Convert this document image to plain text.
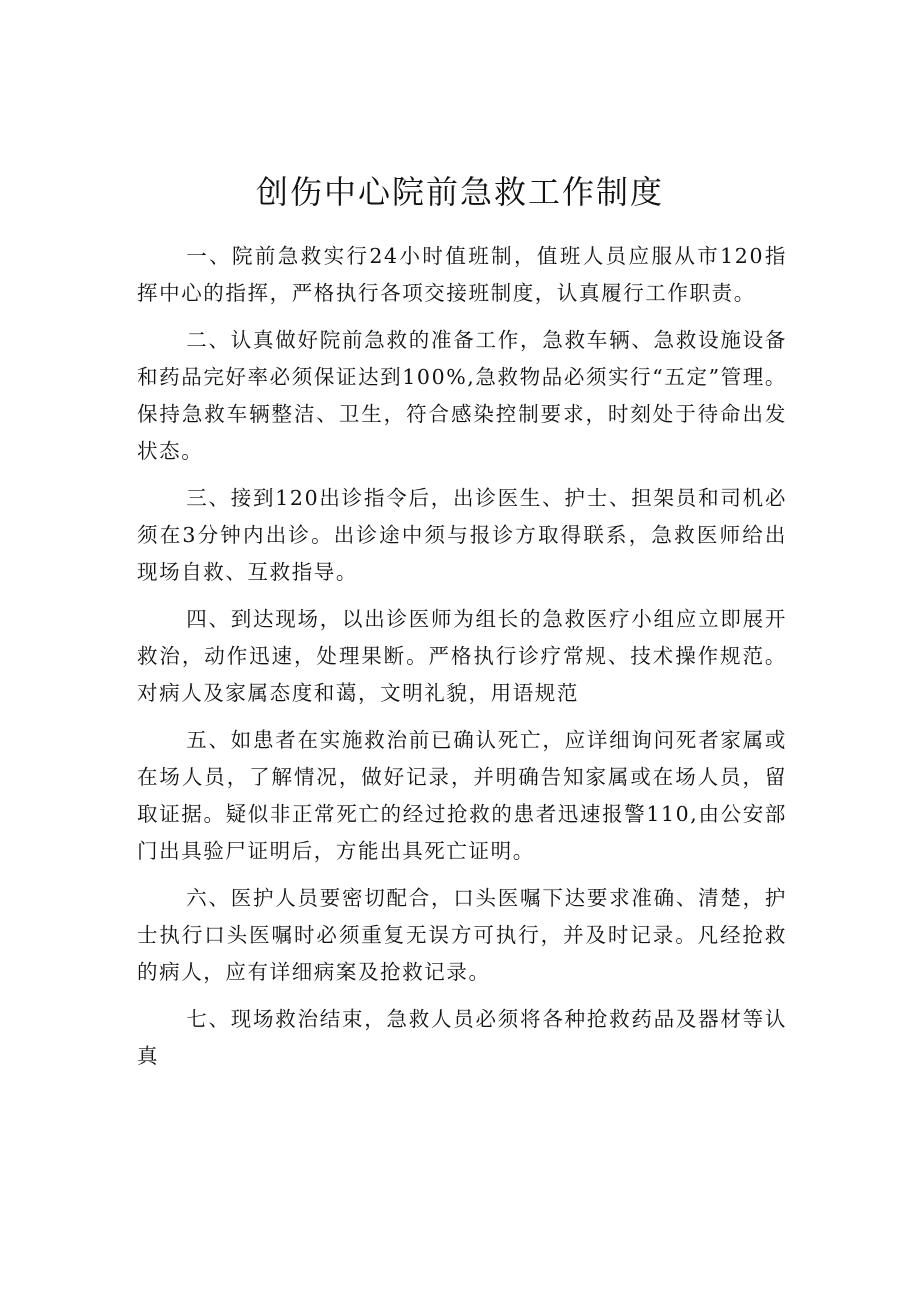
创伤中心院前急救工作制度

一、院前急救实行24小时值班制，值班人员应服从市120指挥中心的指挥，严格执行各项交接班制度，认真履行工作职责。

二、认真做好院前急救的准备工作，急救车辆、急救设施设备和药品完好率必须保证达到100%,急救物品必须实行“五定”管理。保持急救车辆整洁、卫生，符合感染控制要求，时刻处于待命出发状态。

三、接到120出诊指令后，出诊医生、护士、担架员和司机必须在3分钟内出诊。出诊途中须与报诊方取得联系，急救医师给出现场自救、互救指导。

四、到达现场，以出诊医师为组长的急救医疗小组应立即展开救治，动作迅速，处理果断。严格执行诊疗常规、技术操作规范。对病人及家属态度和蔼，文明礼貌，用语规范

五、如患者在实施救治前已确认死亡，应详细询问死者家属或在场人员，了解情况，做好记录，并明确告知家属或在场人员，留取证据。疑似非正常死亡的经过抢救的患者迅速报警110,由公安部门出具验尸证明后，方能出具死亡证明。

六、医护人员要密切配合，口头医嘱下达要求准确、清楚，护士执行口头医嘱时必须重复无误方可执行，并及时记录。凡经抢救的病人，应有详细病案及抢救记录。

七、现场救治结束，急救人员必须将各种抢救药品及器材等认真
